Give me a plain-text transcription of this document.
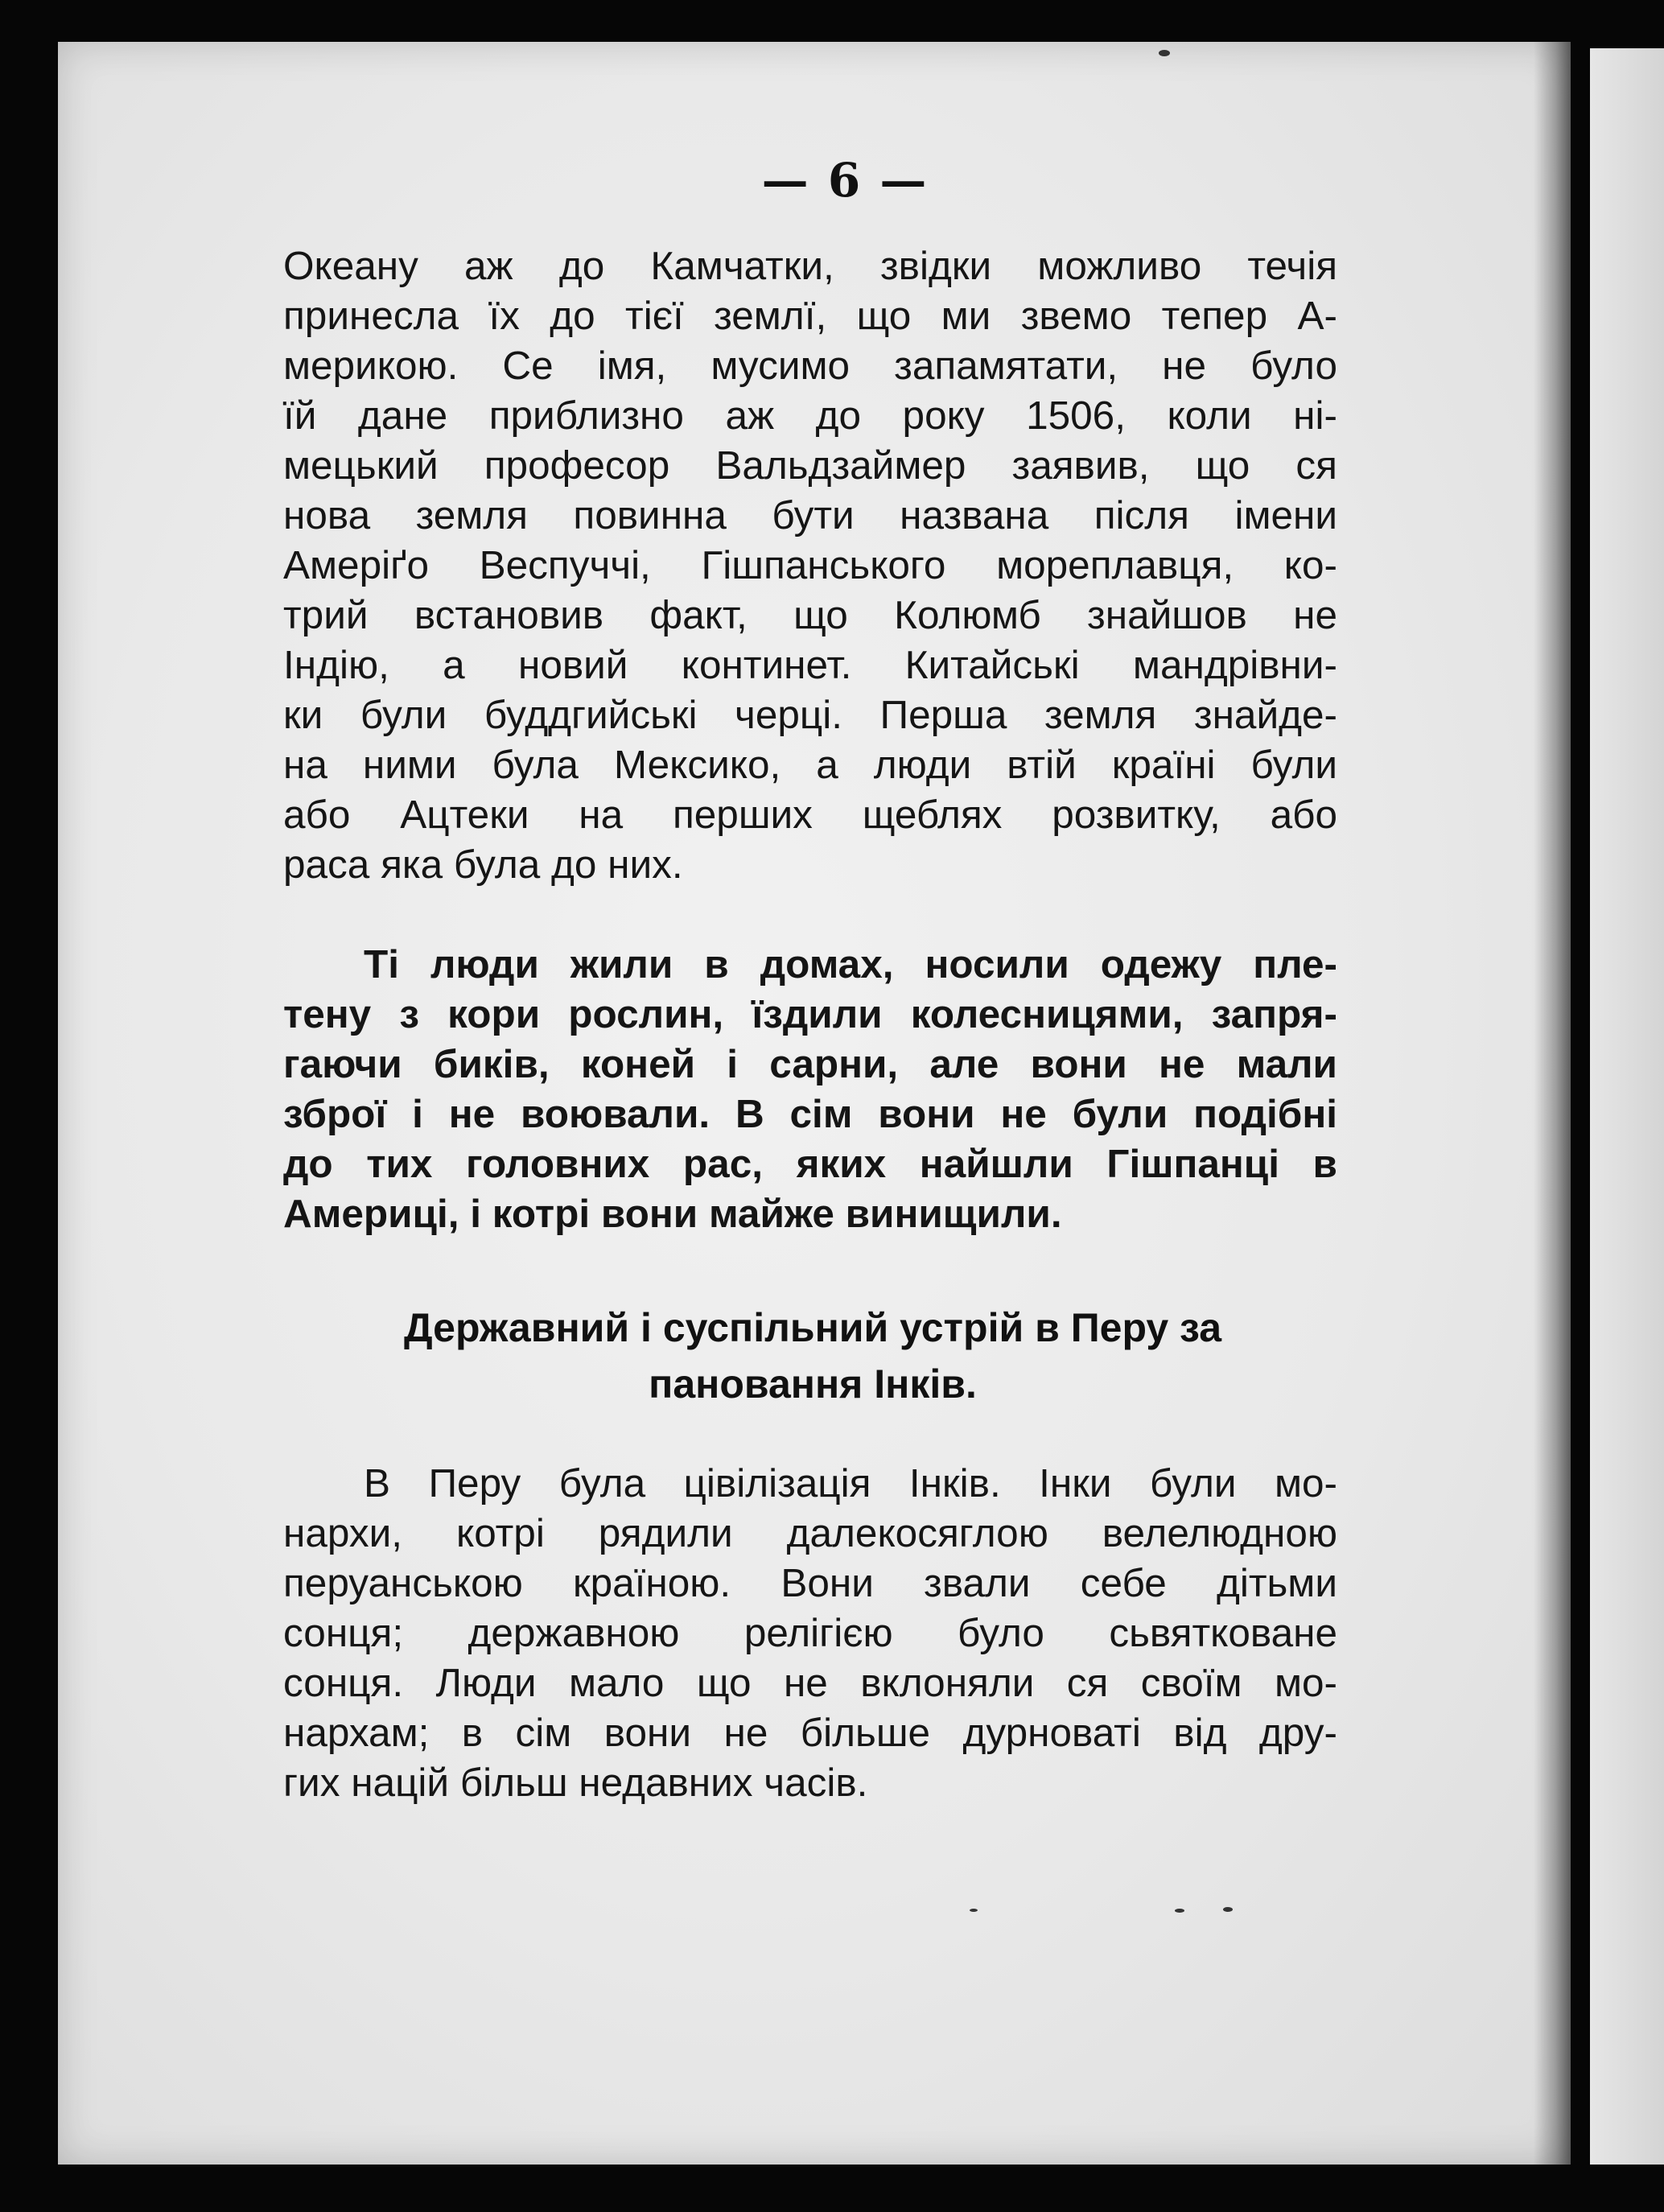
— 6 —
Океану аж до Камчатки, звідки можливо течія
принесла їх до тієї землї, що ми звемо тепер А-
мерикою. Се імя, мусимо запамятати, не було
їй дане приблизно аж до року 1506, коли ні-
мецький професор Вальдзаймер заявив, що ся
нова земля повинна бути названа після імени
Амеріґо Веспуччі, Гішпанського мореплавця, ко-
трий встановив факт, що Колюмб знайшов не
Індію, а новий континет. Китайські мандрівни-
ки були буддгийські черці. Перша земля знайде-
на ними була Мексико, а люди втій країні були
або Ацтеки на перших щеблях розвитку, або
раса яка була до них.
Ті люди жили в домах, носили одежу пле-
тену з кори рослин, їздили колесницями, запря-
гаючи биків, коней і сарни, але вони не мали
зброї і не воювали. В сім вони не були подібні
до тих головних рас, яких найшли Гішпанці в
Америці, і котрі вони майже винищили.
Державний і суспільний устрій в Перу за
пановання Інків.
В Перу була цівілізація Інків. Інки були мо-
нархи, котрі рядили далекосяглою велелюдною
перуанською країною. Вони звали себе дітьми
сонця; державною релігією було сьвятковане
сонця. Люди мало що не вклоняли ся своїм мо-
нархам; в сім вони не більше дурноваті від дру-
гих націй більш недавних часів.
